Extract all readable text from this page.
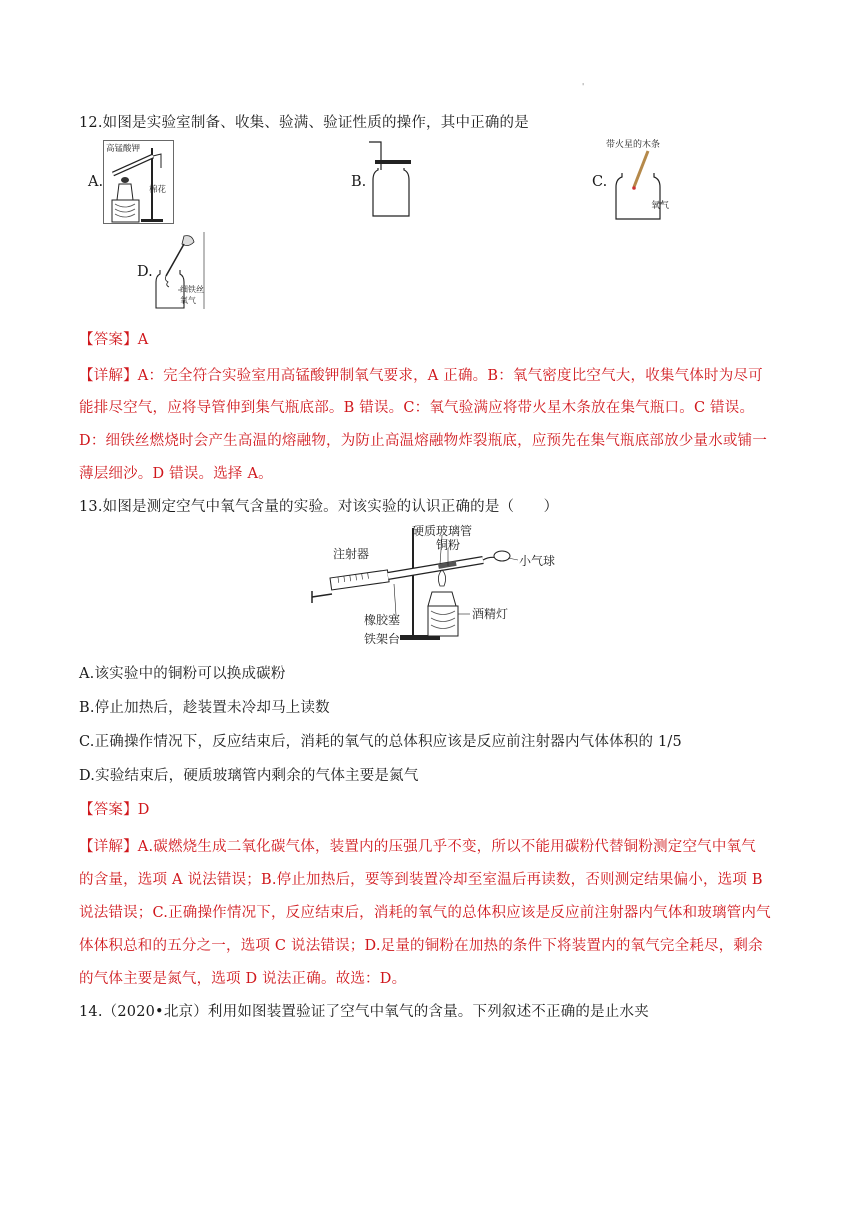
'
12.如图是实验室制备、收集、验满、验证性质的操作，其中正确的是
高锰酸钾
棉花
A.	B.
带火星的木条
氧气
C.
细铁丝
氧气
D.
【答案】A
【详解】A：完全符合实验室用高锰酸钾制氧气要求，A 正确。B：氧气密度比空气大，收集气体时为尽可
能排尽空气，应将导管伸到集气瓶底部。B 错误。C：氧气验满应将带火星木条放在集气瓶口。C 错误。
D：细铁丝燃烧时会产生高温的熔融物，为防止高温熔融物炸裂瓶底，应预先在集气瓶底部放少量水或铺一
薄层细沙。D 错误。选择 A。
13.如图是测定空气中氧气含量的实验。对该实验的认识正确的是（　　）
硬质玻璃管
铜粉
注射器	小气球
橡胶塞	酒精灯
铁架台
A.该实验中的铜粉可以换成碳粉
B.停止加热后，趁装置未冷却马上读数
C.正确操作情况下，反应结束后，消耗的氧气的总体积应该是反应前注射器内气体体积的 1/5
D.实验结束后，硬质玻璃管内剩余的气体主要是氮气
【答案】D
【详解】A.碳燃烧生成二氧化碳气体，装置内的压强几乎不变，所以不能用碳粉代替铜粉测定空气中氧气
的含量，选项 A 说法错误；B.停止加热后，要等到装置冷却至室温后再读数，否则测定结果偏小，选项 B
说法错误；C.正确操作情况下，反应结束后，消耗的氧气的总体积应该是反应前注射器内气体和玻璃管内气
体体积总和的五分之一，选项 C 说法错误；D.足量的铜粉在加热的条件下将装置内的氧气完全耗尽，剩余
的气体主要是氮气，选项 D 说法正确。故选：D。
14.（2020•北京）利用如图装置验证了空气中氧气的含量。下列叙述不正确的是止水夹
